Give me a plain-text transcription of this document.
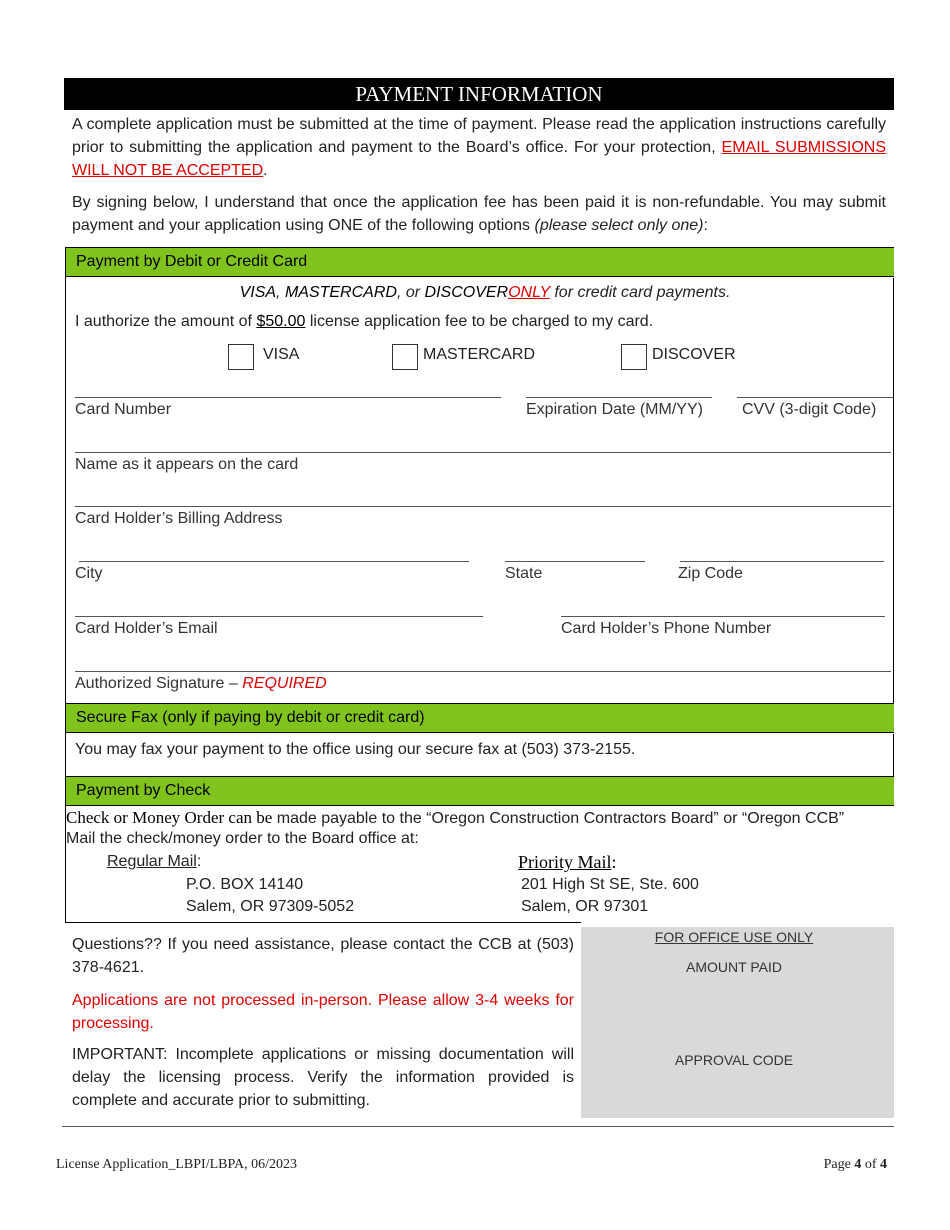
PAYMENT INFORMATION
A complete application must be submitted at the time of payment. Please read the application instructions carefully prior to submitting the application and payment to the Board’s office. For your protection, EMAIL SUBMISSIONS WILL NOT BE ACCEPTED.
By signing below, I understand that once the application fee has been paid it is non-refundable. You may submit payment and your application using ONE of the following options (please select only one):
Payment by Debit or Credit Card
VISA, MASTERCARD, or DISCOVERONLY for credit card payments.
I authorize the amount of $50.00 license application fee to be charged to my card.
VISA	MASTERCARD	DISCOVER
Card Number	Expiration Date (MM/YY) CVV (3-digit Code)
Name as it appears on the card
Card Holder’s Billing Address
City	State	Zip Code
Card Holder’s Email	Card Holder’s Phone Number
Authorized Signature – REQUIRED
Secure Fax (only if paying by debit or credit card)
You may fax your payment to the office using our secure fax at (503) 373-2155.
Payment by Check
Check or Money Order can be made payable to the “Oregon Construction Contractors Board” or “Oregon CCB”
Mail the check/money order to the Board office at:
Regular Mail:
P.O. BOX 14140
Salem, OR 97309-5052
Priority Mail:
201 High St SE, Ste. 600
Salem, OR 97301
Questions?? If you need assistance, please contact the CCB at (503) 378-4621.
Applications are not processed in-person. Please allow 3-4 weeks for processing.
IMPORTANT: Incomplete applications or missing documentation will delay the licensing process. Verify the information provided is complete and accurate prior to submitting.
FOR OFFICE USE ONLY
AMOUNT PAID
APPROVAL CODE
License Application_LBPI/LBPA, 06/2023	Page 4 of 4
